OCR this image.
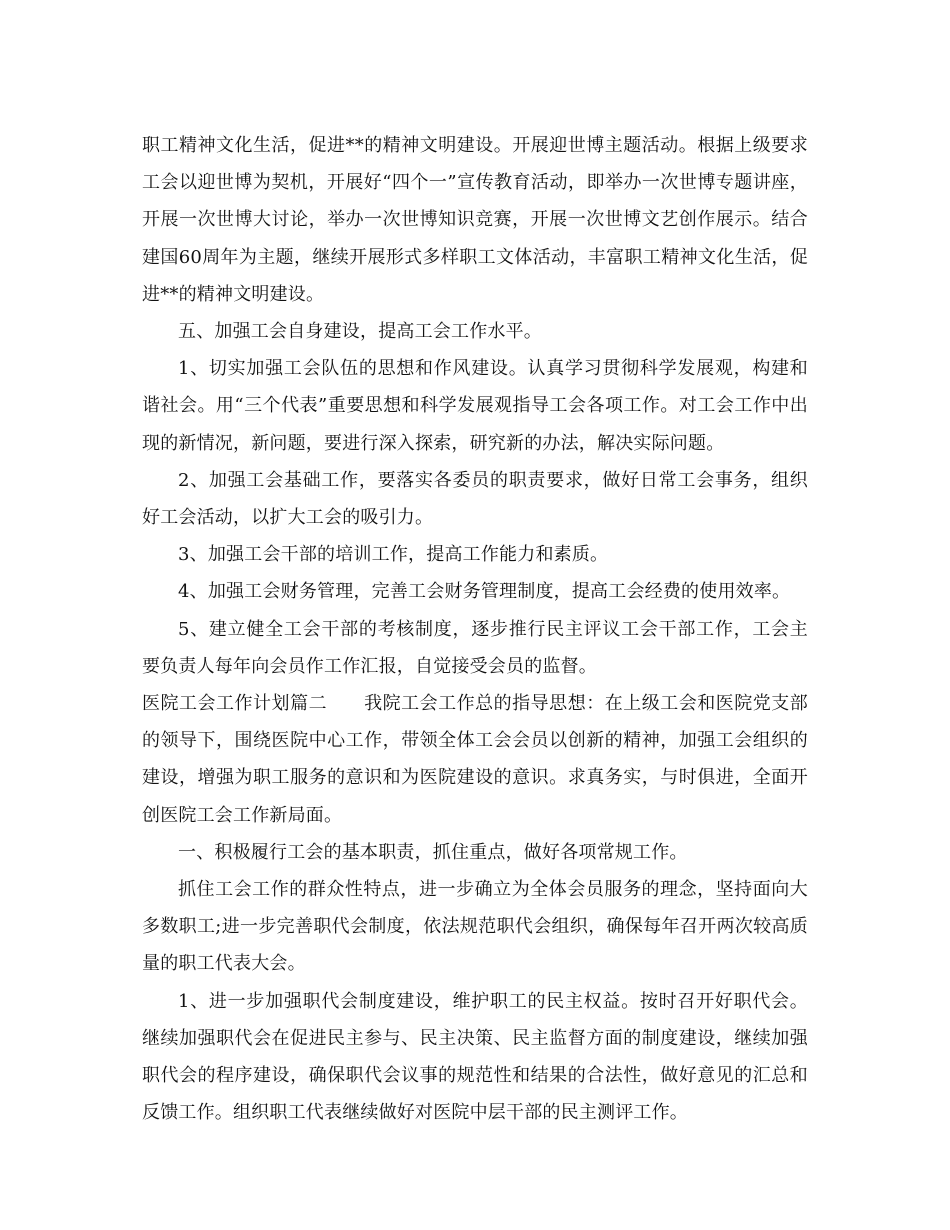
职工精神文化生活，促进**的精神文明建设。开展迎世博主题活动。根据上级要求工会以迎世博为契机，开展好“四个一”宣传教育活动，即举办一次世博专题讲座，开展一次世博大讨论，举办一次世博知识竞赛，开展一次世博文艺创作展示。结合建国60周年为主题，继续开展形式多样职工文体活动，丰富职工精神文化生活，促进**的精神文明建设。

五、加强工会自身建设，提高工会工作水平。

1、切实加强工会队伍的思想和作风建设。认真学习贯彻科学发展观，构建和谐社会。用“三个代表”重要思想和科学发展观指导工会各项工作。对工会工作中出现的新情况，新问题，要进行深入探索，研究新的办法，解决实际问题。

2、加强工会基础工作，要落实各委员的职责要求，做好日常工会事务，组织好工会活动，以扩大工会的吸引力。

3、加强工会干部的培训工作，提高工作能力和素质。

4、加强工会财务管理，完善工会财务管理制度，提高工会经费的使用效率。

5、建立健全工会干部的考核制度，逐步推行民主评议工会干部工作，工会主要负责人每年向会员作工作汇报，自觉接受会员的监督。

医院工会工作计划篇二　　我院工会工作总的指导思想：在上级工会和医院党支部的领导下，围绕医院中心工作，带领全体工会会员以创新的精神，加强工会组织的建设，增强为职工服务的意识和为医院建设的意识。求真务实，与时俱进，全面开创医院工会工作新局面。

一、积极履行工会的基本职责，抓住重点，做好各项常规工作。

抓住工会工作的群众性特点，进一步确立为全体会员服务的理念，坚持面向大多数职工;进一步完善职代会制度，依法规范职代会组织，确保每年召开两次较高质量的职工代表大会。

1、进一步加强职代会制度建设，维护职工的民主权益。按时召开好职代会。继续加强职代会在促进民主参与、民主决策、民主监督方面的制度建设，继续加强职代会的程序建设，确保职代会议事的规范性和结果的合法性，做好意见的汇总和反馈工作。组织职工代表继续做好对医院中层干部的民主测评工作。
